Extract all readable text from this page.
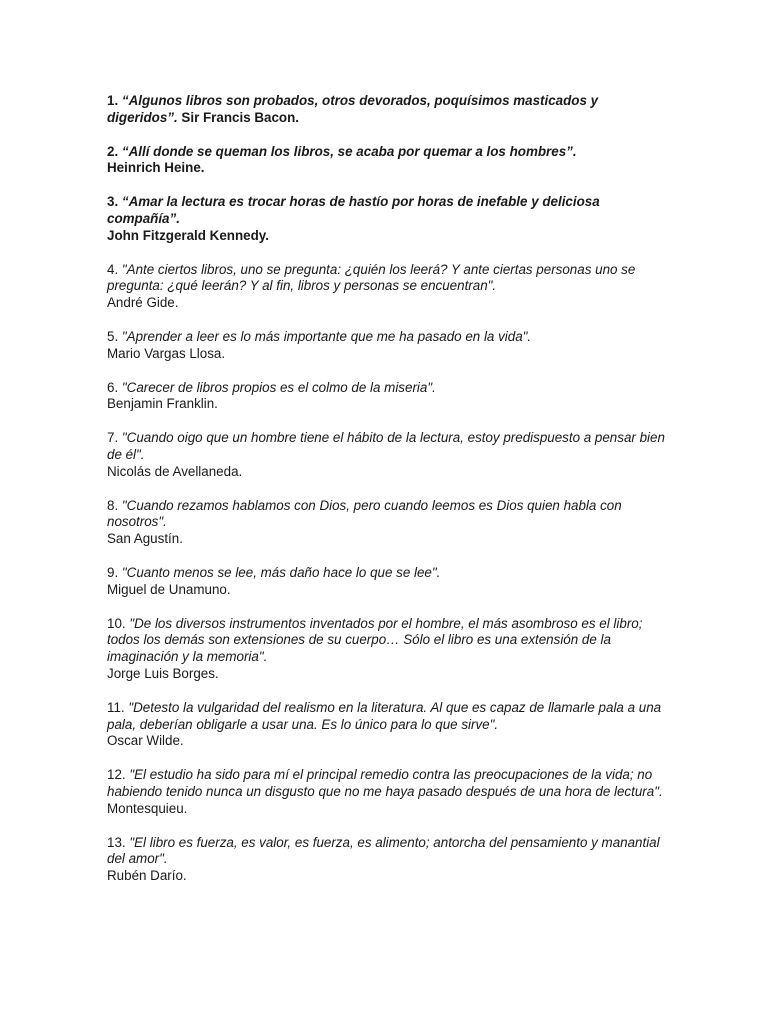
1. “Algunos libros son probados, otros devorados, poquísimos masticados y digeridos”. Sir Francis Bacon.

2. “Allí donde se queman los libros, se acaba por quemar a los hombres”.
Heinrich Heine.

3. “Amar la lectura es trocar horas de hastío por horas de inefable y deliciosa compañía”.
John Fitzgerald Kennedy.

4. "Ante ciertos libros, uno se pregunta: ¿quién los leerá? Y ante ciertas personas uno se pregunta: ¿qué leerán? Y al fin, libros y personas se encuentran".
André Gide.

5. "Aprender a leer es lo más importante que me ha pasado en la vida".
Mario Vargas Llosa.

6. "Carecer de libros propios es el colmo de la miseria".
Benjamin Franklin.

7. "Cuando oigo que un hombre tiene el hábito de la lectura, estoy predispuesto a pensar bien de él".
Nicolás de Avellaneda.

8. "Cuando rezamos hablamos con Dios, pero cuando leemos es Dios quien habla con nosotros".
San Agustín.

9. "Cuanto menos se lee, más daño hace lo que se lee".
Miguel de Unamuno.

10. "De los diversos instrumentos inventados por el hombre, el más asombroso es el libro; todos los demás son extensiones de su cuerpo… Sólo el libro es una extensión de la imaginación y la memoria".
Jorge Luis Borges.

11. "Detesto la vulgaridad del realismo en la literatura. Al que es capaz de llamarle pala a una pala, deberían obligarle a usar una. Es lo único para lo que sirve".
Oscar Wilde.

12. "El estudio ha sido para mí el principal remedio contra las preocupaciones de la vida; no habiendo tenido nunca un disgusto que no me haya pasado después de una hora de lectura".
Montesquieu.

13. "El libro es fuerza, es valor, es fuerza, es alimento; antorcha del pensamiento y manantial del amor".
Rubén Darío.
